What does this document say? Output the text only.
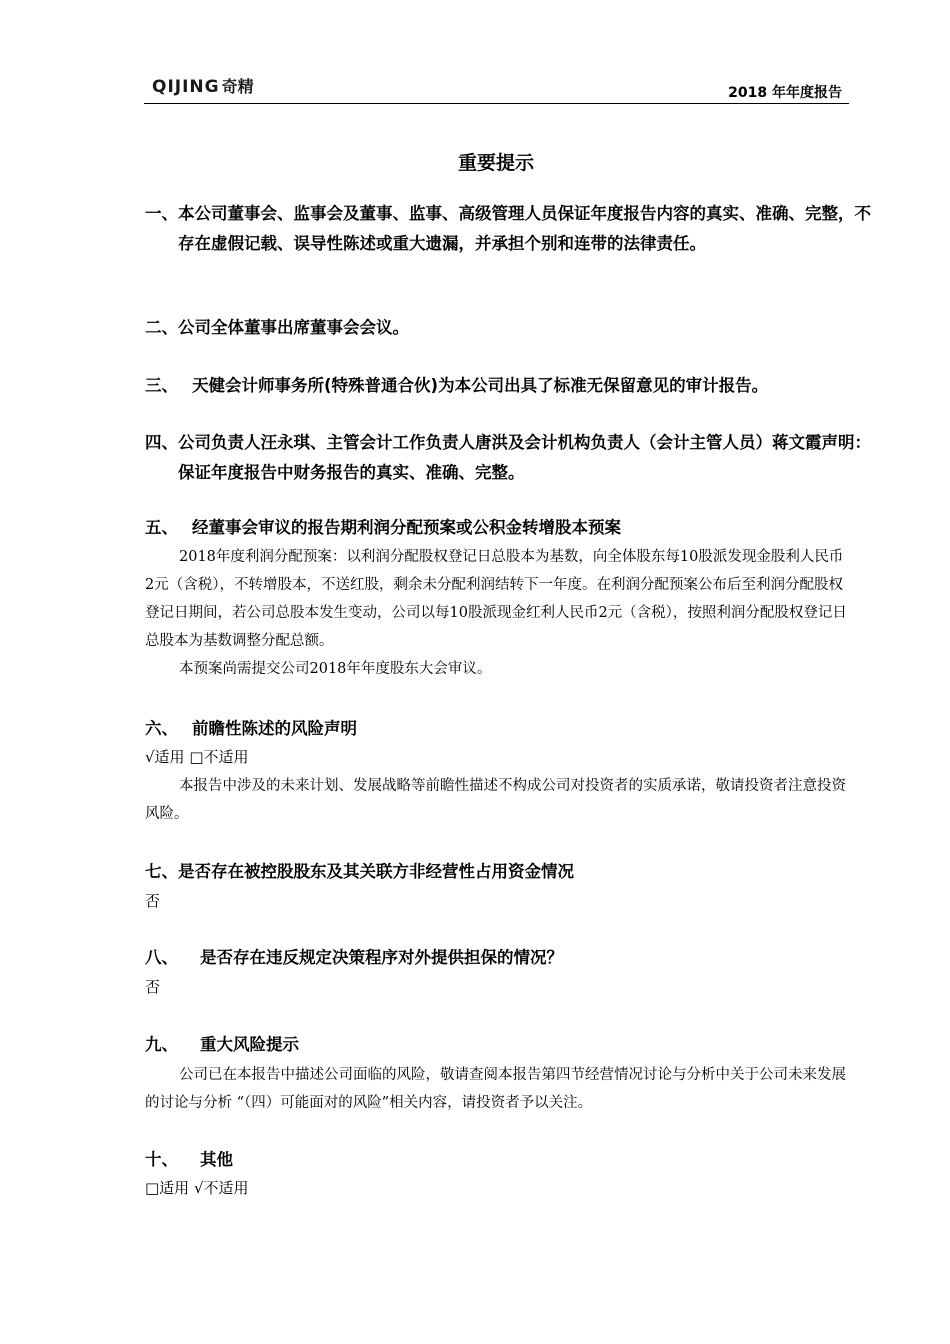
QIJING 奇精	2018 年年度报告
重要提示
一、本公司董事会、监事会及董事、监事、高级管理人员保证年度报告内容的真实、准确、完整，不存在虚假记载、误导性陈述或重大遗漏，并承担个别和连带的法律责任。
二、公司全体董事出席董事会会议。
三、 天健会计师事务所(特殊普通合伙)为本公司出具了标准无保留意见的审计报告。
四、公司负责人汪永琪、主管会计工作负责人唐洪及会计机构负责人（会计主管人员）蒋文霞声明：保证年度报告中财务报告的真实、准确、完整。
五、 经董事会审议的报告期利润分配预案或公积金转增股本预案

2018年度利润分配预案：以利润分配股权登记日总股本为基数，向全体股东每10股派发现金股利人民币2元（含税），不转增股本，不送红股，剩余未分配利润结转下一年度。在利润分配预案公布后至利润分配股权登记日期间，若公司总股本发生变动，公司以每10股派现金红利人民币2元（含税），按照利润分配股权登记日总股本为基数调整分配总额。

本预案尚需提交公司2018年年度股东大会审议。

六、 前瞻性陈述的风险声明
√适用 □不适用

本报告中涉及的未来计划、发展战略等前瞻性描述不构成公司对投资者的实质承诺，敬请投资者注意投资风险。

七、是否存在被控股股东及其关联方非经营性占用资金情况
否
八、 是否存在违反规定决策程序对外提供担保的情况？
否
九、 重大风险提示

公司已在本报告中描述公司面临的风险，敬请查阅本报告第四节经营情况讨论与分析中关于公司未来发展的讨论与分析 “（四）可能面对的风险”相关内容，请投资者予以关注。

十、 其他
□适用 √不适用
